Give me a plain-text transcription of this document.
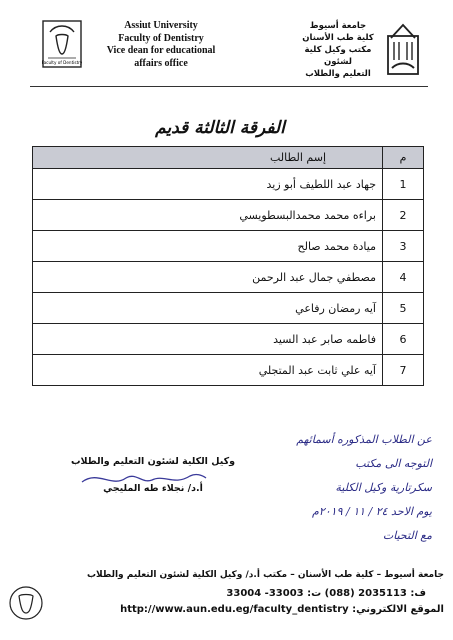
Faculty of Dentistry
Assiut University
Faculty of Dentistry
Vice dean for educational
affairs office
جامعة أسيوط
كلية طب الأسنان
مكتب وكيل كلية لشئون
التعليم والطلاب
الفرقة الثالثة قديم
م	إسم الطالب
1	جهاد عبد اللطيف أبو زيد
2	براءه محمد محمدالبسطويسي
3	ميادة محمد صالح
4	مصطفي جمال عبد الرحمن
5	آيه رمضان رفاعي
6	فاطمه صابر عبد السيد
7	آيه علي ثابت عبد المتجلي
عن الطلاب المذكوره أسمائهم
التوجه الى مكتب
سكرتارية وكيل الكلية
يوم الاحد ٢٤ / ١١ / ٢٠١٩م
مع التحيات
وكيل الكلية لشئون التعليم والطلاب
أ.د/ نجلاء طه المليجي
جامعة أسيوط – كلية طب الأسنان – مكتب أ.د/ وكيل الكلية لشئون التعليم والطلاب
ف: 2035113 (088) ت: 33003- 33004
الموقع الالكتروني: http://www.aun.edu.eg/faculty_dentistry
